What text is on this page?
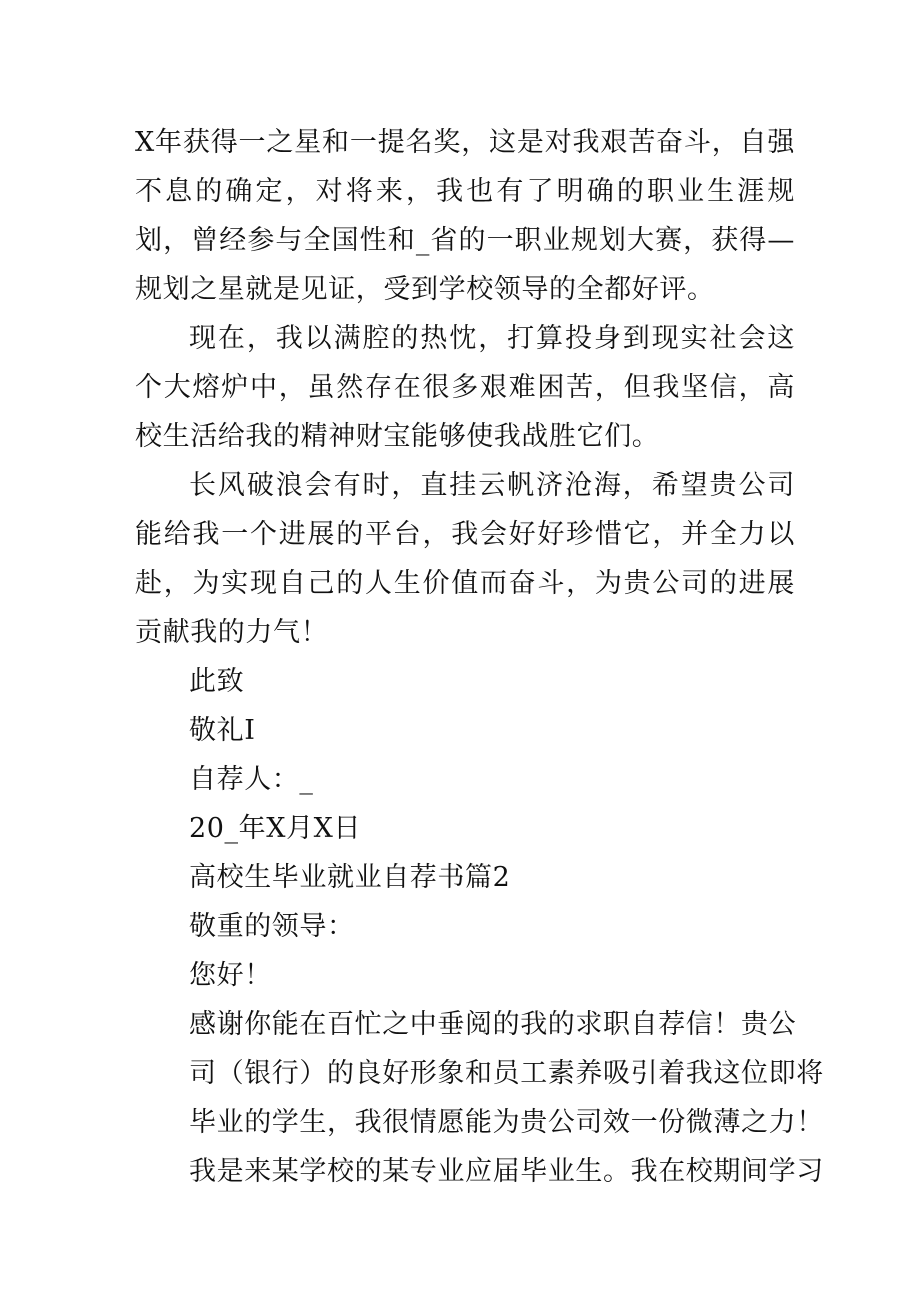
X年获得一之星和一提名奖，这是对我艰苦奋斗，自强不息的确定，对将来，我也有了明确的职业生涯规划，曾经参与全国性和_省的一职业规划大赛，获得—规划之星就是见证，受到学校领导的全都好评。

现在，我以满腔的热忱，打算投身到现实社会这个大熔炉中，虽然存在很多艰难困苦，但我坚信，高校生活给我的精神财宝能够使我战胜它们。

长风破浪会有时，直挂云帆济沧海，希望贵公司能给我一个进展的平台，我会好好珍惜它，并全力以赴，为实现自己的人生价值而奋斗，为贵公司的进展贡献我的力气！

此致

敬礼I

自荐人：_

20_年X月X日

高校生毕业就业自荐书篇2

敬重的领导：

您好！

感谢你能在百忙之中垂阅的我的求职自荐信！贵公

司（银行）的良好形象和员工素养吸引着我这位即将

毕业的学生，我很情愿能为贵公司效一份微薄之力！

我是来某学校的某专业应届毕业生。我在校期间学习
